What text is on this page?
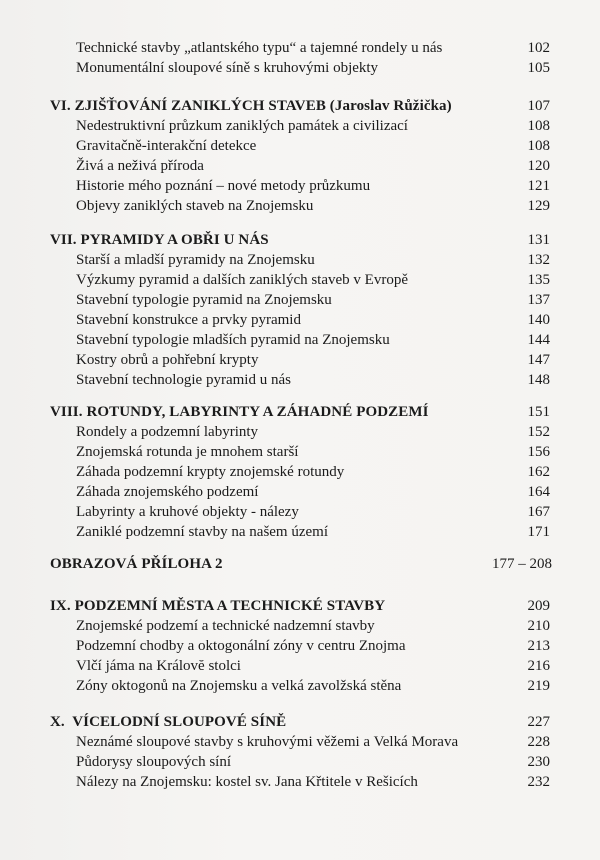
Technické stavby „atlantského typu“ a tajemné rondely u nás	102
Monumentální sloupové síně s kruhovými objekty	105
VI. ZJIŠŤOVÁNÍ ZANIKLÝCH STAVEB (Jaroslav Růžička)	107
Nedestruktivní průzkum zaniklých památek a civilizací	108
Gravitačně-interakční detekce	108
Živá a neživá příroda	120
Historie mého poznání – nové metody průzkumu	121
Objevy zaniklých staveb na Znojemsku	129
VII. PYRAMIDY A OBŘI U NÁS	131
Starší a mladší pyramidy na Znojemsku	132
Výzkumy pyramid a dalších zaniklých staveb v Evropě	135
Stavební typologie pyramid na Znojemsku	137
Stavební konstrukce a prvky pyramid	140
Stavební typologie mladších pyramid na Znojemsku	144
Kostry obrů a pohřební krypty	147
Stavební technologie pyramid u nás	148
VIII. ROTUNDY, LABYRINTY A ZÁHADNÉ PODZEMÍ	151
Rondely a podzemní labyrinty	152
Znojemská rotunda je mnohem starší	156
Záhada podzemní krypty znojemské rotundy	162
Záhada znojemského podzemí	164
Labyrinty a kruhové objekty - nálezy	167
Zaniklé podzemní stavby na našem území	171
OBRAZOVÁ PŘÍLOHA 2	177 – 208
IX. PODZEMNÍ MĚSTA A TECHNICKÉ STAVBY	209
Znojemské podzemí a technické nadzemní stavby	210
Podzemní chodby a oktogonální zóny v centru Znojma	213
Vlčí jáma na Královĕ stolci	216
Zóny oktogonů na Znojemsku a velká zavolžská stěna	219
X.  VÍCELODNÍ SLOUPOVÉ SÍNĚ	227
Neznámé sloupové stavby s kruhovými věžemi a Velká Morava	228
Půdorysy sloupových síní	230
Nálezy na Znojemsku: kostel sv. Jana Křtitele v Rešicích	232
